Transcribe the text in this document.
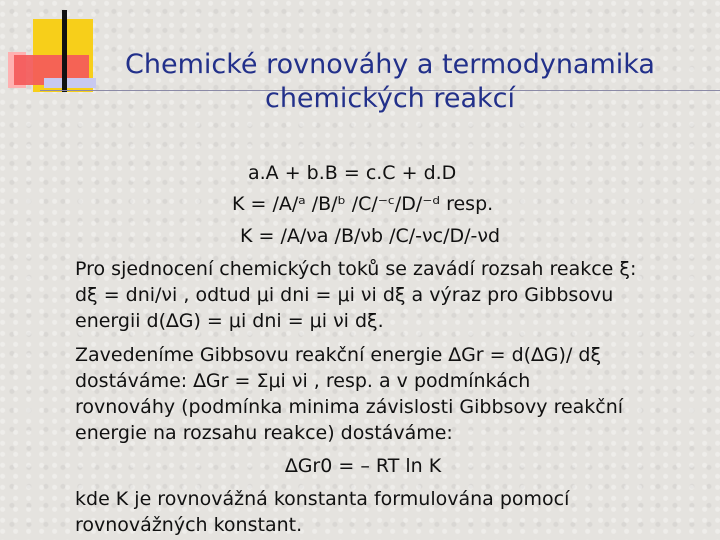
Chemické rovnováhy a termodynamika
chemických reakcí
a.A + b.B = c.C + d.D
K = /A/ᵃ /B/ᵇ /C/⁻ᶜ/D/⁻ᵈ resp.
K = /A/νa /B/νb /C/-νc/D/-νd
Pro sjednocení chemických toků se zavádí rozsah reakce ξ:
dξ = dni/νi , odtud μi dni = μi νi dξ a výraz pro Gibbsovu
energii d(∆G) = μi dni = μi νi dξ.
Zavedeníme Gibbsovu reakční energie ∆Gr = d(∆G)/ dξ
dostáváme: ∆Gr = Σμi νi , resp. a v podmínkách
rovnováhy (podmínka minima závislosti Gibbsovy reakční
energie na rozsahu reakce) dostáváme:
∆Gr0 = – RT ln K
kde K je rovnovážná konstanta formulována pomocí
rovnovážných konstant.
